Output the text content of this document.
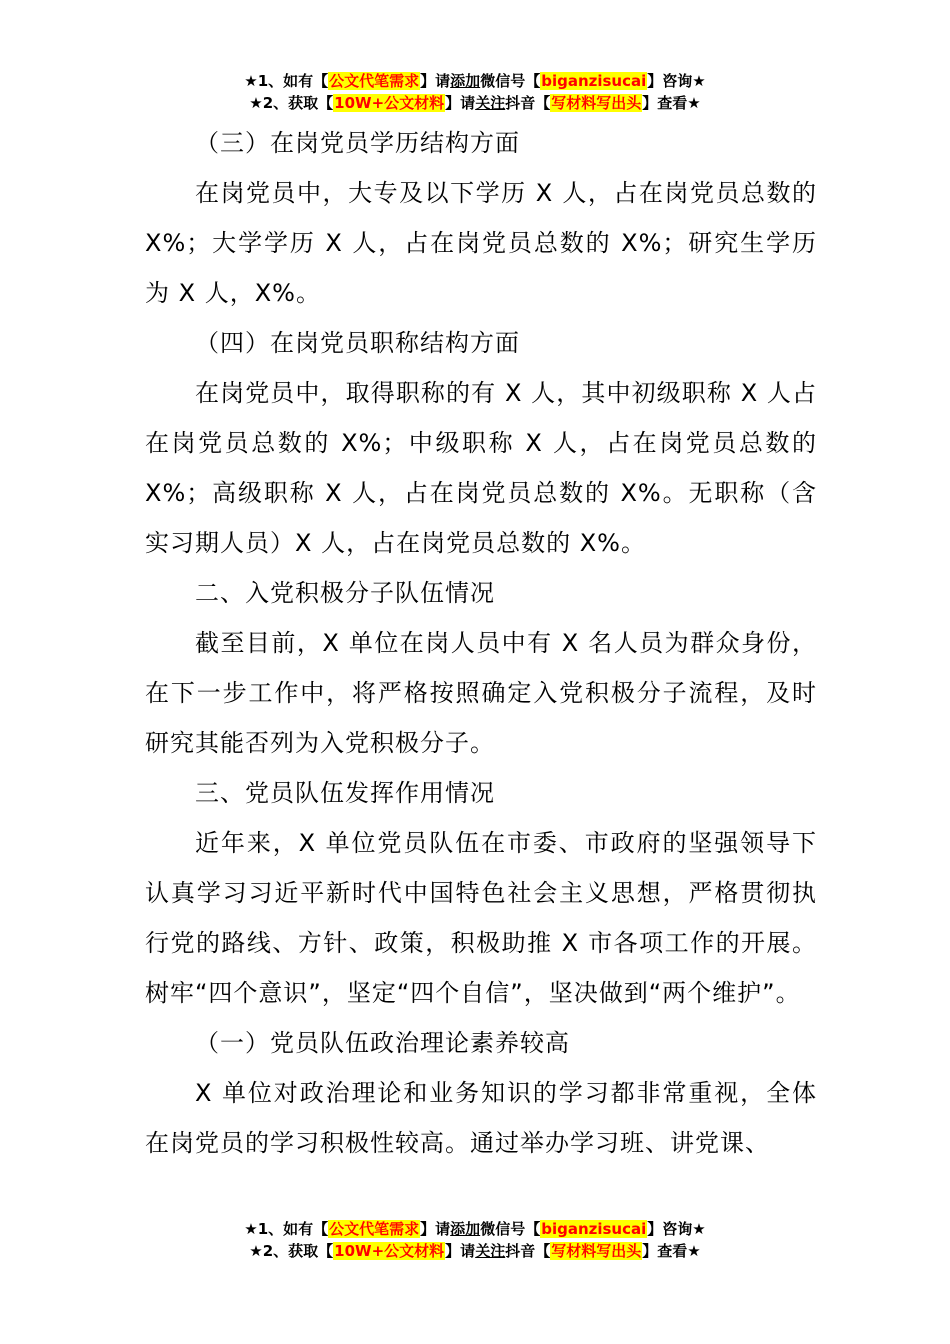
★1、如有【公文代笔需求】请添加微信号【biganzisucai】咨询★
★2、获取【10W+公文材料】请关注抖音【写材料写出头】查看★

（三）在岗党员学历结构方面

在岗党员中，大专及以下学历 X 人，占在岗党员总数的 X%；大学学历 X 人，占在岗党员总数的 X%；研究生学历为 X 人，X%。

（四）在岗党员职称结构方面

在岗党员中，取得职称的有 X 人，其中初级职称 X 人占在岗党员总数的 X%；中级职称 X 人，占在岗党员总数的 X%；高级职称 X 人，占在岗党员总数的 X%。无职称（含实习期人员）X 人，占在岗党员总数的 X%。

二、入党积极分子队伍情况

截至目前，X 单位在岗人员中有 X 名人员为群众身份，在下一步工作中，将严格按照确定入党积极分子流程，及时研究其能否列为入党积极分子。

三、党员队伍发挥作用情况

近年来，X 单位党员队伍在市委、市政府的坚强领导下认真学习习近平新时代中国特色社会主义思想，严格贯彻执行党的路线、方针、政策，积极助推 X 市各项工作的开展。树牢“四个意识”，坚定“四个自信”，坚决做到“两个维护”。

（一）党员队伍政治理论素养较高

X 单位对政治理论和业务知识的学习都非常重视，全体在岗党员的学习积极性较高。通过举办学习班、讲党课、

★1、如有【公文代笔需求】请添加微信号【biganzisucai】咨询★
★2、获取【10W+公文材料】请关注抖音【写材料写出头】查看★
